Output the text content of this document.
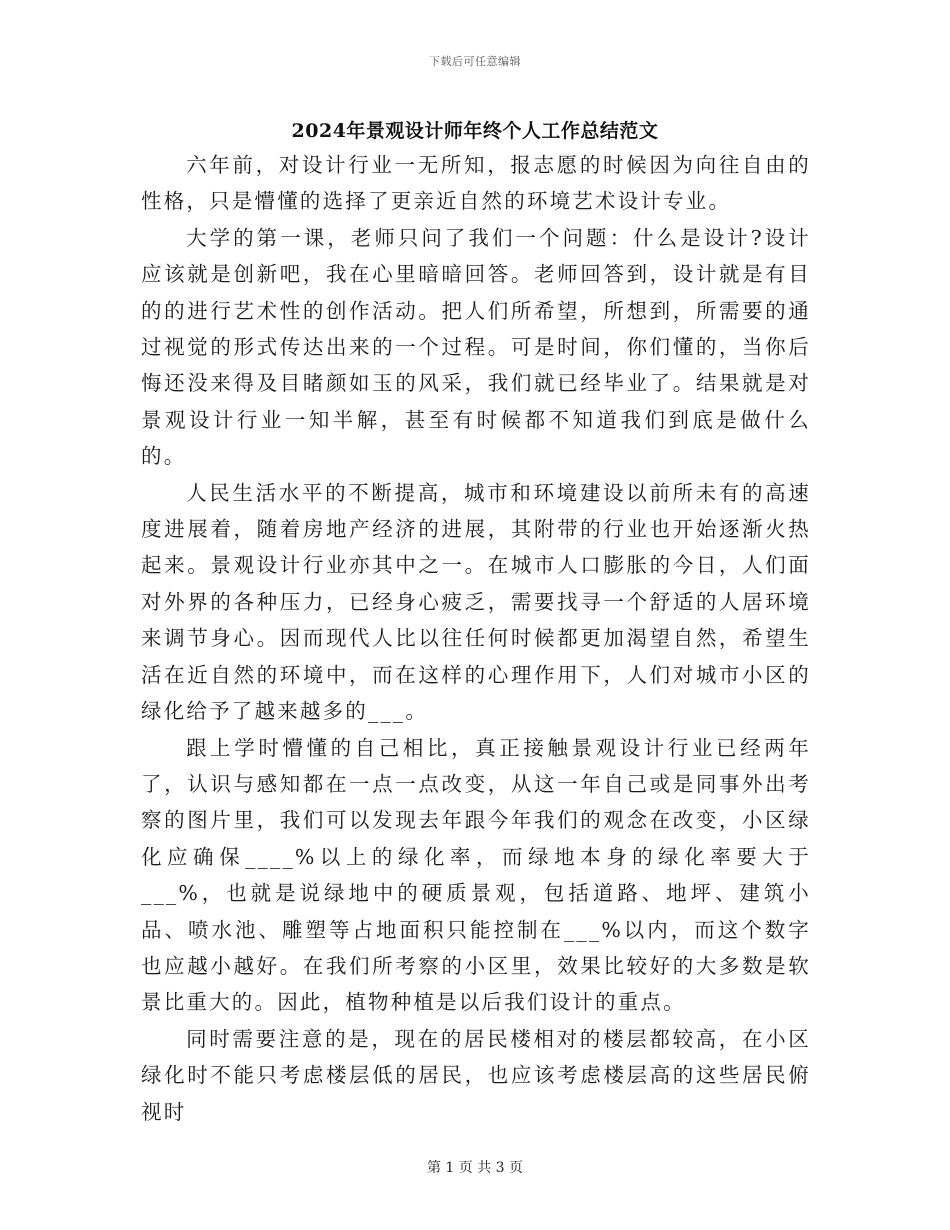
下载后可任意编辑
2024年景观设计师年终个人工作总结范文

六年前，对设计行业一无所知，报志愿的时候因为向往自由的性格，只是懵懂的选择了更亲近自然的环境艺术设计专业。

大学的第一课，老师只问了我们一个问题：什么是设计?设计应该就是创新吧，我在心里暗暗回答。老师回答到，设计就是有目的的进行艺术性的创作活动。把人们所希望，所想到，所需要的通过视觉的形式传达出来的一个过程。可是时间，你们懂的，当你后悔还没来得及目睹颜如玉的风采，我们就已经毕业了。结果就是对景观设计行业一知半解，甚至有时候都不知道我们到底是做什么的。

人民生活水平的不断提高，城市和环境建设以前所未有的高速度进展着，随着房地产经济的进展，其附带的行业也开始逐渐火热起来。景观设计行业亦其中之一。在城市人口膨胀的今日，人们面对外界的各种压力，已经身心疲乏，需要找寻一个舒适的人居环境来调节身心。因而现代人比以往任何时候都更加渴望自然，希望生活在近自然的环境中，而在这样的心理作用下，人们对城市小区的绿化给予了越来越多的___。

跟上学时懵懂的自己相比，真正接触景观设计行业已经两年了，认识与感知都在一点一点改变，从这一年自己或是同事外出考察的图片里，我们可以发现去年跟今年我们的观念在改变，小区绿化应确保____%以上的绿化率，而绿地本身的绿化率要大于___%，也就是说绿地中的硬质景观，包括道路、地坪、建筑小品、喷水池、雕塑等占地面积只能控制在___%以内，而这个数字也应越小越好。在我们所考察的小区里，效果比较好的大多数是软景比重大的。因此，植物种植是以后我们设计的重点。

同时需要注意的是，现在的居民楼相对的楼层都较高，在小区绿化时不能只考虑楼层低的居民，也应该考虑楼层高的这些居民俯视时

第 1 页 共 3 页
